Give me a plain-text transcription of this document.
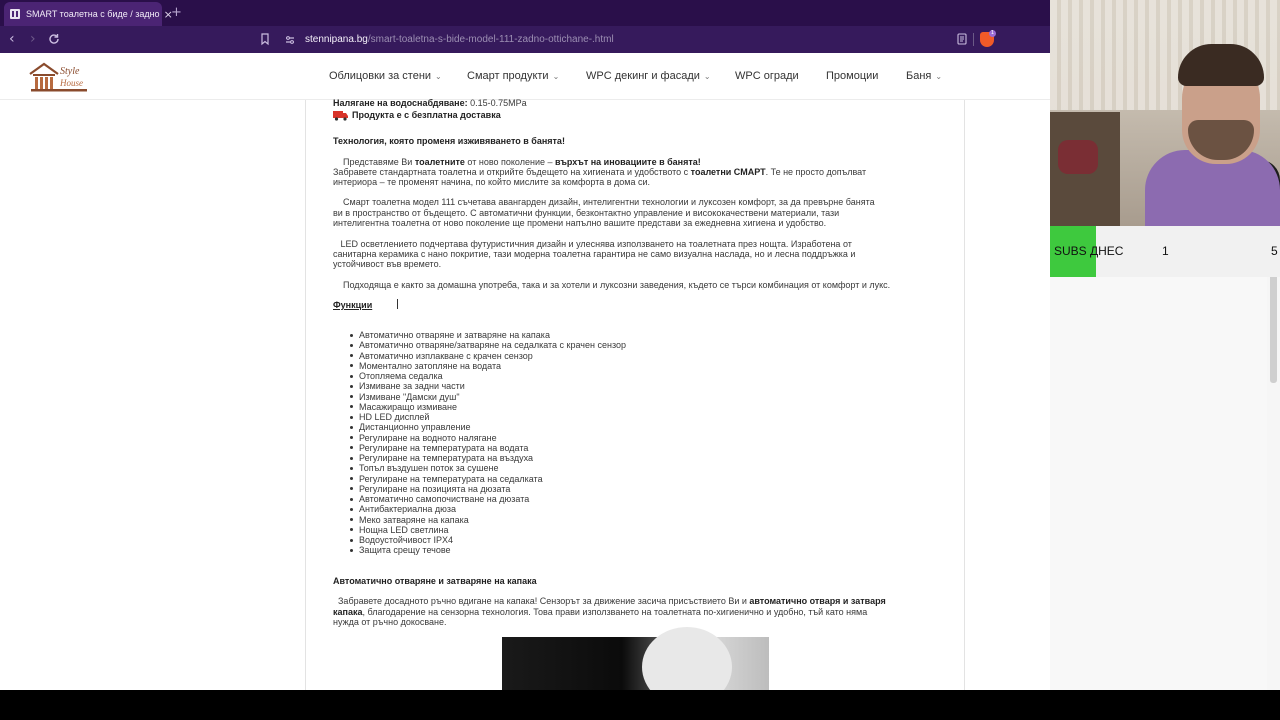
SMART тоалетна с биде / задно ×
+
‹ ›	stennipana.bg/smart-toaletna-s-bide-model-111-zadno-ottichane-.html
1
Style
House
Облицовки за стени ⌄ Смарт продукти ⌄ WPC декинг и фасади ⌄ WPC огради Промоции	Баня ⌄
Налягане на водоснабдяване: 0.15-0.75MPa
Продукта е с безплатна доставка
Технология, която променя изживяването в банята!
Представяме Ви тоалетните от ново поколение – върхът на иновациите в банята!
Забравете стандартната тоалетна и открийте бъдещето на хигиената и удобството с тоалетни СМАРТ. Те не просто допълват
интериора – те променят начина, по който мислите за комфорта в дома си.
Смарт тоалетна модел 111 съчетава авангарден дизайн, интелигентни технологии и луксозен комфорт, за да превърне банята
ви в пространство от бъдещето. С автоматични функции, безконтактно управление и висококачествени материали, тази
интелигентна тоалетна от ново поколение ще промени напълно вашите представи за ежедневна хигиена и удобство.
LED осветлението подчертава футуристичния дизайн и улеснява използването на тоалетната през нощта. Изработена от
санитарна керамика с нано покритие, тази модерна тоалетна гарантира не само визуална наслада, но и лесна поддръжка и
устойчивост във времето.
Подходяща е както за домашна употреба, така и за хотели и луксозни заведения, където се търси комбинация от комфорт и лукс.
Функции
Автоматично отваряне и затваряне на капака
Автоматично отваряне/затваряне на седалката с крачен сензор
Автоматично изплакване с крачен сензор
Моментално затопляне на водата
Отопляема седалка
Измиване за задни части
Измиване "Дамски душ"
Масажиращо измиване
HD LED дисплей
Дистанционно управление
Регулиране на водното налягане
Регулиране на температурата на водата
Регулиране на температурата на въздуха
Топъл въздушен поток за сушене
Регулиране на температурата на седалката
Регулиране на позицията на дюзата
Автоматично самопочистване на дюзата
Антибактериална дюза
Меко затваряне на капака
Нощна LED светлина
Водоустойчивост IPX4
Защита срещу течове
Автоматично отваряне и затваряне на капака
Забравете досадното ръчно вдигане на капака! Сензорът за движение засича присъствието Ви и автоматично отваря и затваря
капака, благодарение на сензорна технология. Това прави използването на тоалетната по-хигиенично и удобно, тъй като няма
нужда от ръчно докосване.
SUBS ДНЕС	1	5
